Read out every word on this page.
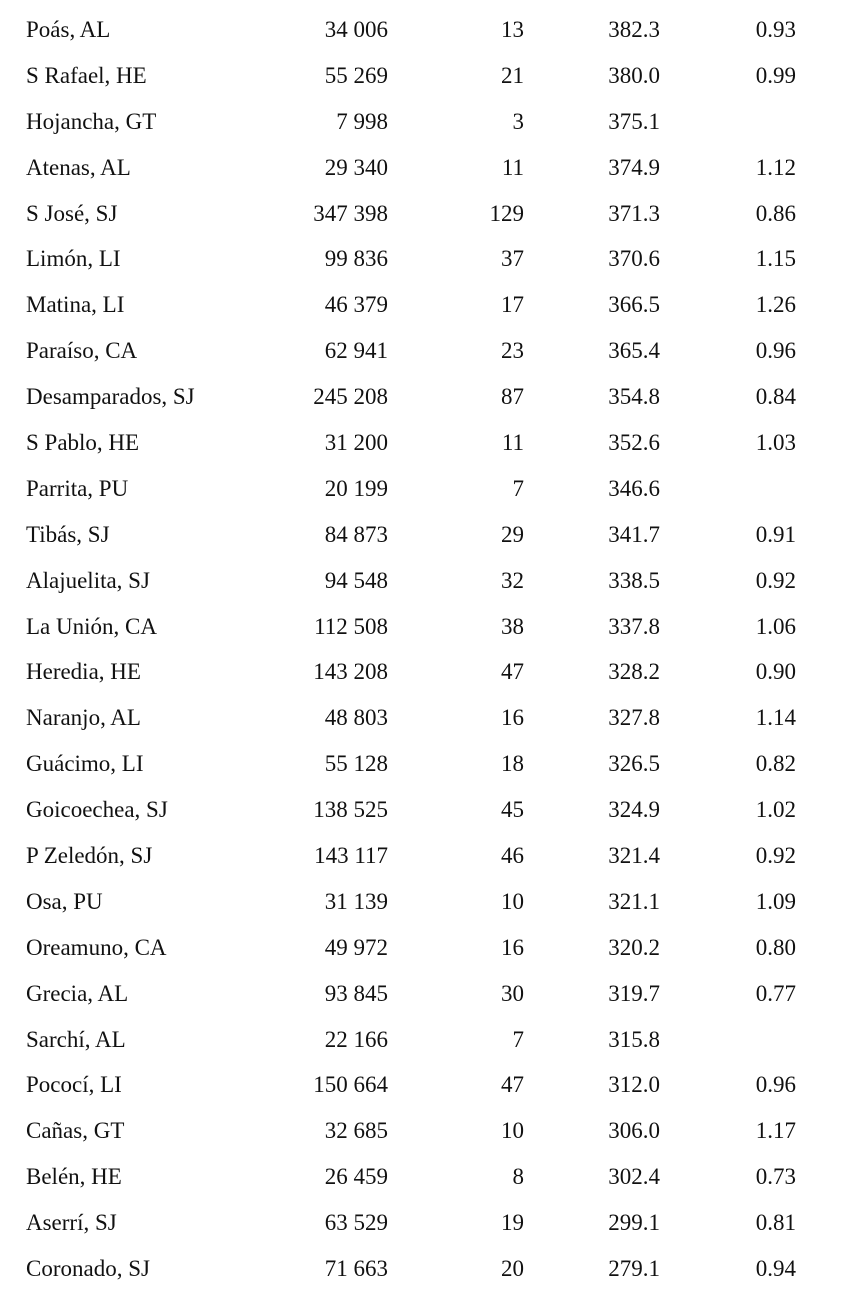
Poás, AL	34 006	13	382.3	0.93
S Rafael, HE	55 269	21	380.0	0.99
Hojancha, GT	7 998	3	375.1
Atenas, AL	29 340	11	374.9	1.12
S José, SJ	347 398	129	371.3	0.86
Limón, LI	99 836	37	370.6	1.15
Matina, LI	46 379	17	366.5	1.26
Paraíso, CA	62 941	23	365.4	0.96
Desamparados, SJ	245 208	87	354.8	0.84
S Pablo, HE	31 200	11	352.6	1.03
Parrita, PU	20 199	7	346.6
Tibás, SJ	84 873	29	341.7	0.91
Alajuelita, SJ	94 548	32	338.5	0.92
La Unión, CA	112 508	38	337.8	1.06
Heredia, HE	143 208	47	328.2	0.90
Naranjo, AL	48 803	16	327.8	1.14
Guácimo, LI	55 128	18	326.5	0.82
Goicoechea, SJ	138 525	45	324.9	1.02
P Zeledón, SJ	143 117	46	321.4	0.92
Osa, PU	31 139	10	321.1	1.09
Oreamuno, CA	49 972	16	320.2	0.80
Grecia, AL	93 845	30	319.7	0.77
Sarchí, AL	22 166	7	315.8
Pococí, LI	150 664	47	312.0	0.96
Cañas, GT	32 685	10	306.0	1.17
Belén, HE	26 459	8	302.4	0.73
Aserrí, SJ	63 529	19	299.1	0.81
Coronado, SJ	71 663	20	279.1	0.94
